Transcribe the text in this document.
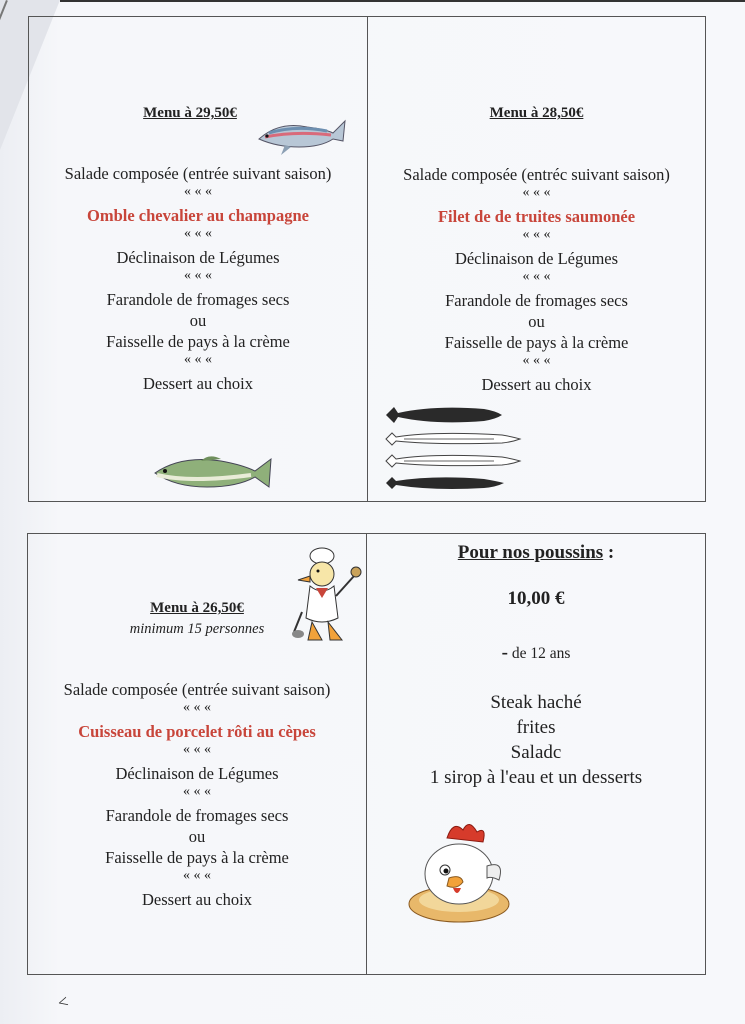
Menu à 29,50€
Salade composée (entrée suivant saison)
« « «
Omble chevalier au champagne
« « «
Déclinaison de Légumes
« « «
Farandole de fromages secs
ou
Faisselle de pays à la crème
« « «
Dessert au choix
Menu à 28,50€
Salade composée (entréc suivant saison)
« « «
Filet de de truites saumonée
« « «
Déclinaison de Légumes
« « «
Farandole de fromages secs
ou
Faisselle de pays à la crème
« « «
Dessert au choix
Menu à 26,50€
minimum 15 personnes
Salade composée (entrée suivant saison)
« « «
Cuisseau de porcelet rôti au cèpes
« « «
Déclinaison de Légumes
« « «
Farandole de fromages secs
ou
Faisselle de pays à la crème
« « «
Dessert au choix
Pour nos poussins :
10,00 €
- de 12 ans
Steak haché
frites
Saladc
1 sirop à l'eau et un desserts
<
